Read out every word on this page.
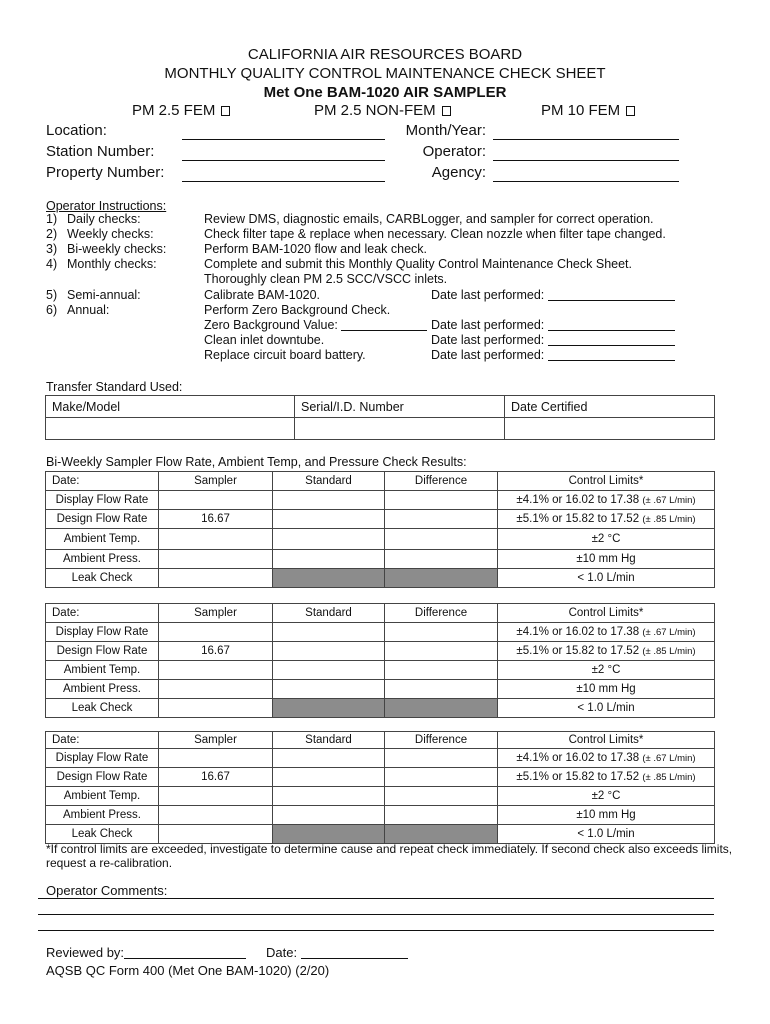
CALIFORNIA AIR RESOURCES BOARD
MONTHLY QUALITY CONTROL MAINTENANCE CHECK SHEET
Met One BAM-1020 AIR SAMPLER
PM 2.5 FEM	PM 2.5 NON-FEM	PM 10 FEM
Location:
Station Number:
Property Number:
Month/Year:
Operator:
Agency:
Operator Instructions:
1) Daily checks:	Review DMS, diagnostic emails, CARBLogger, and sampler for correct operation.
2) Weekly checks:	Check filter tape & replace when necessary. Clean nozzle when filter tape changed.
3) Bi-weekly checks:	Perform BAM-1020 flow and leak check.
4) Monthly checks:	Complete and submit this Monthly Quality Control Maintenance Check Sheet.
Thoroughly clean PM 2.5 SCC/VSCC inlets.
5) Semi-annual:	Calibrate BAM-1020.	Date last performed:
6) Annual:	Perform Zero Background Check.
Zero Background Value:	Date last performed:
Clean inlet downtube.	Date last performed:
Replace circuit board battery.	Date last performed:
Transfer Standard Used:
Make/Model	Serial/I.D. Number	Date Certified

Bi-Weekly Sampler Flow Rate, Ambient Temp, and Pressure Check Results:
Date:	Sampler	Standard	Difference	Control Limits*
Display Flow Rate				±4.1% or 16.02 to 17.38 (± .67 L/min)
Design Flow Rate	16.67			±5.1% or 15.82 to 17.52 (± .85 L/min)
Ambient Temp.				±2 °C
Ambient Press.				±10 mm Hg
Leak Check				< 1.0 L/min
Date:	Sampler	Standard	Difference	Control Limits*
Display Flow Rate				±4.1% or 16.02 to 17.38 (± .67 L/min)
Design Flow Rate	16.67			±5.1% or 15.82 to 17.52 (± .85 L/min)
Ambient Temp.				±2 °C
Ambient Press.				±10 mm Hg
Leak Check				< 1.0 L/min
Date:	Sampler	Standard	Difference	Control Limits*
Display Flow Rate				±4.1% or 16.02 to 17.38 (± .67 L/min)
Design Flow Rate	16.67			±5.1% or 15.82 to 17.52 (± .85 L/min)
Ambient Temp.				±2 °C
Ambient Press.				±10 mm Hg
Leak Check				< 1.0 L/min
*If control limits are exceeded, investigate to determine cause and repeat check immediately. If second check also exceeds limits,
request a re-calibration.
Operator Comments:
Reviewed by:	Date:
AQSB QC Form 400 (Met One BAM-1020) (2/20)
